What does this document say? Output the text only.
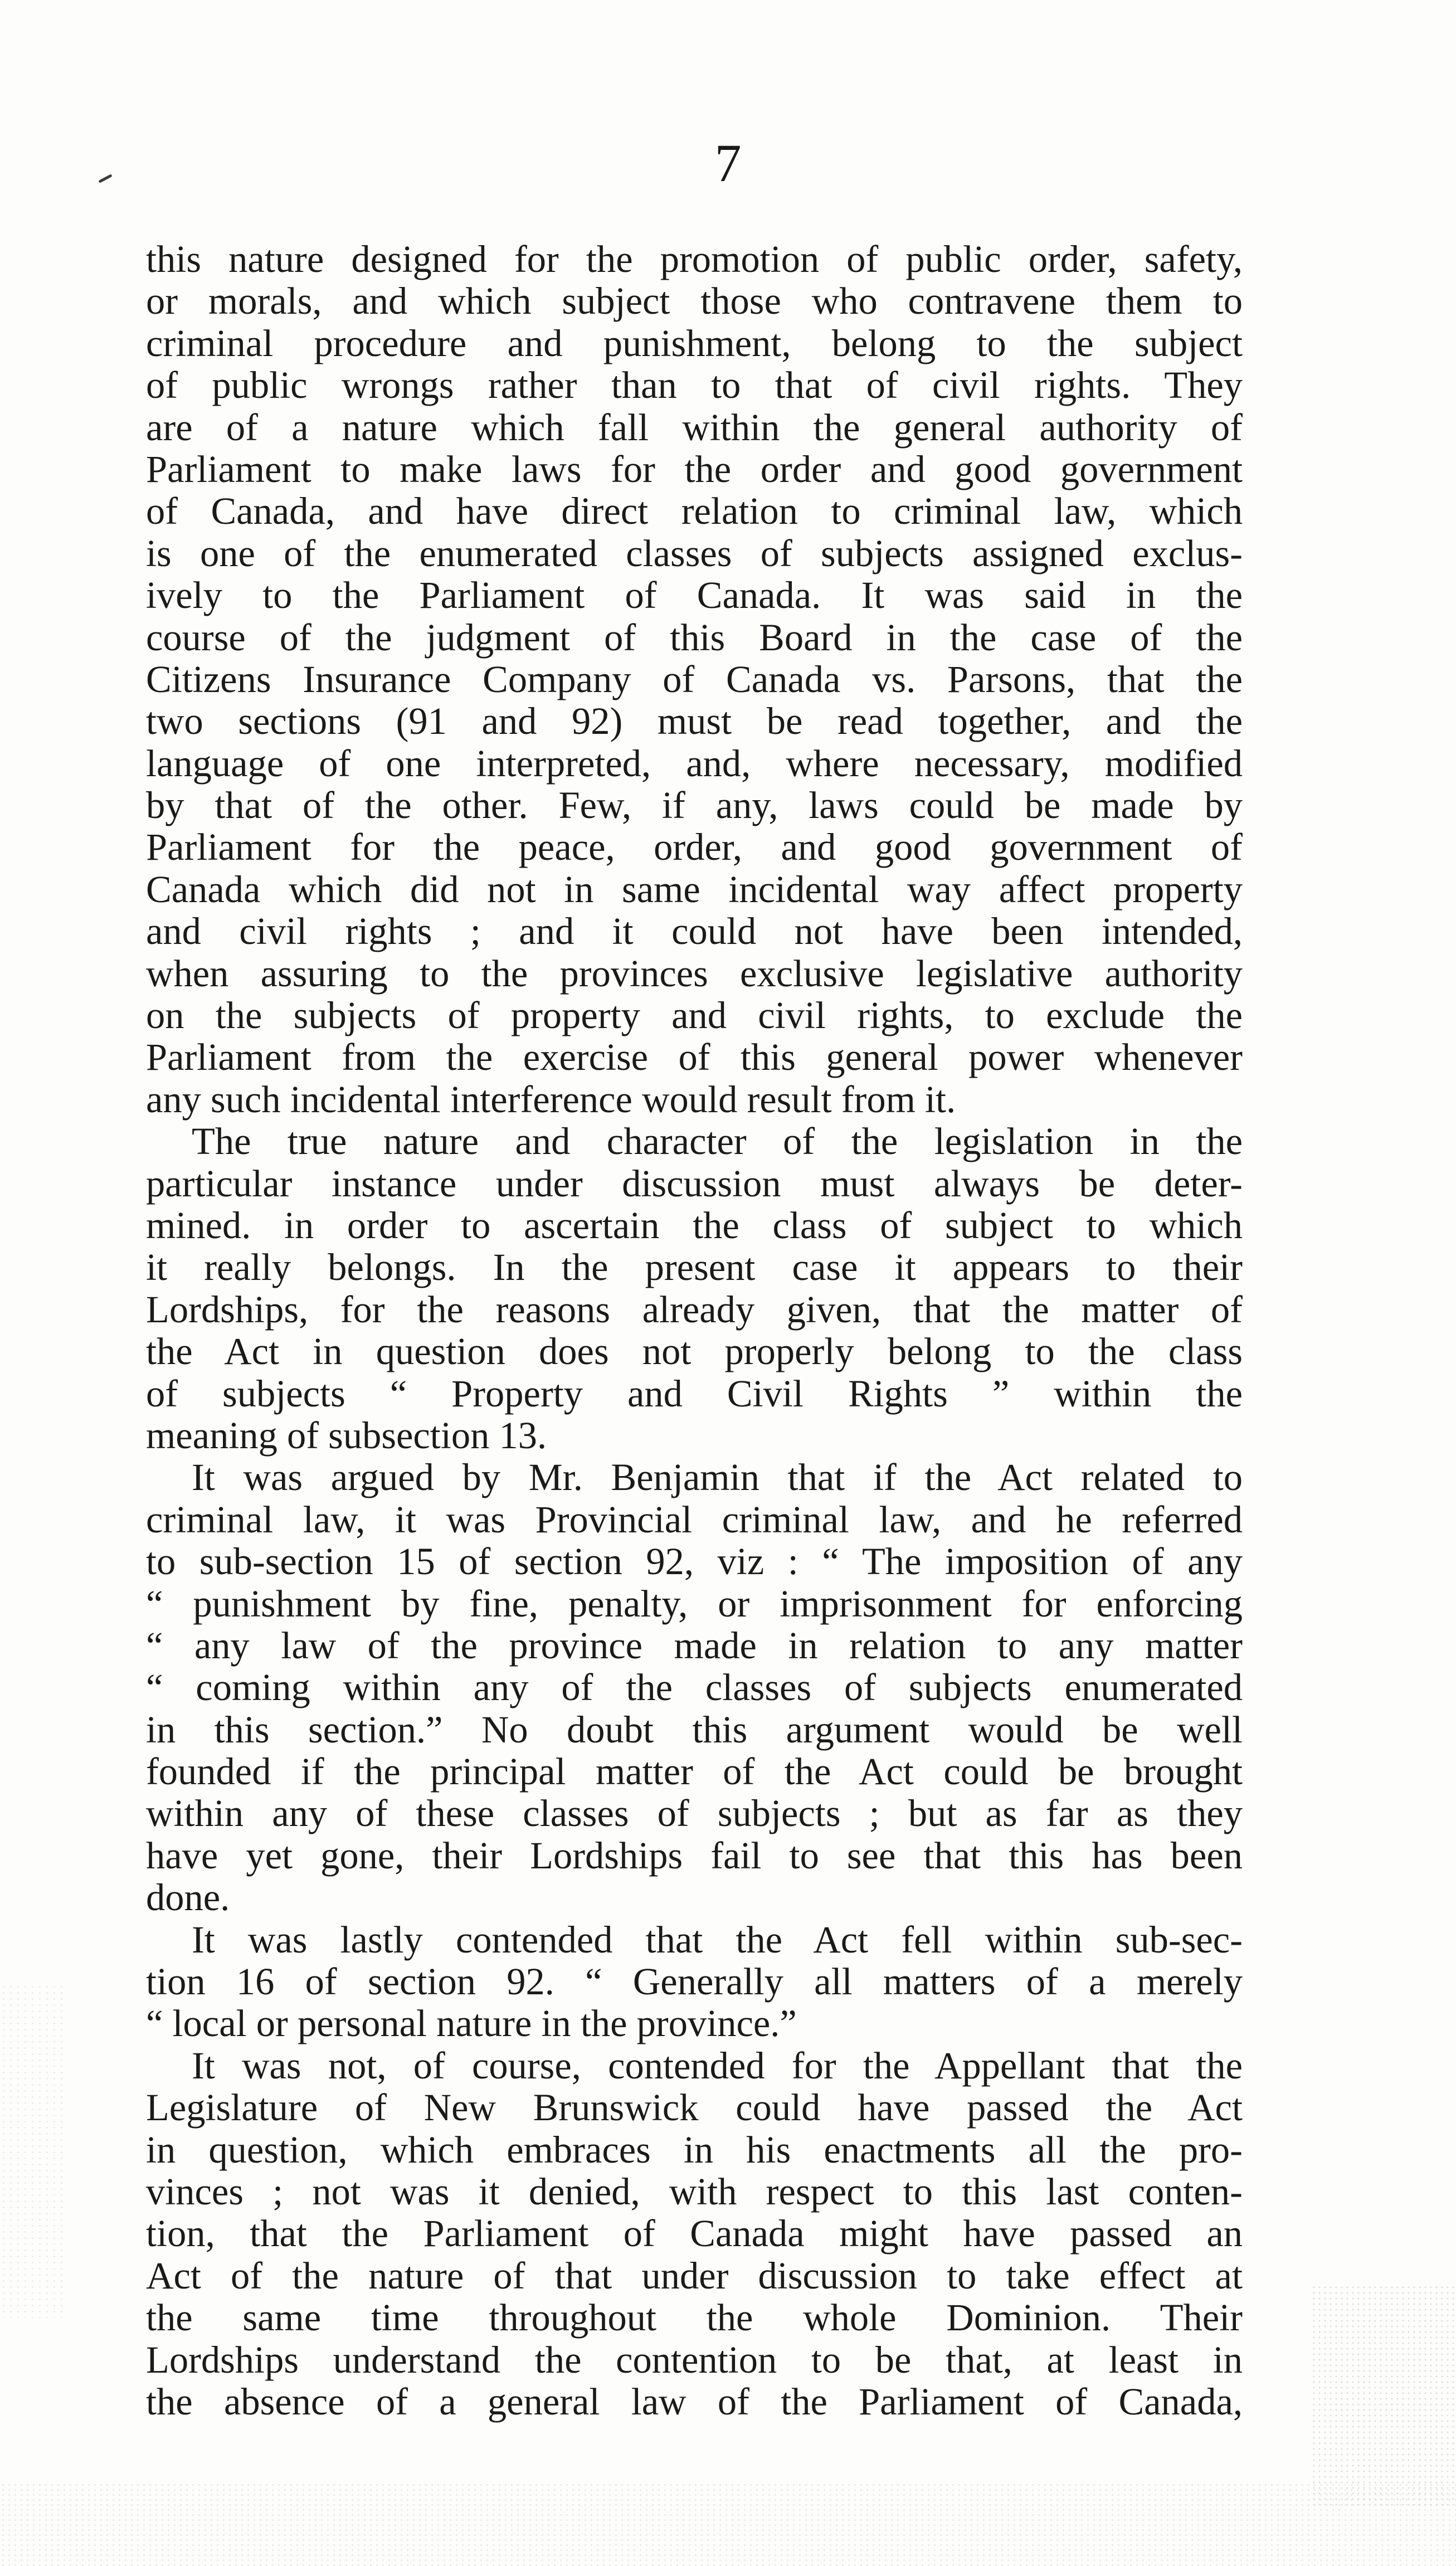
7
this nature designed for the promotion of public order, safety,
or morals, and which subject those who contravene them to
criminal procedure and punishment, belong to the subject
of public wrongs rather than to that of civil rights. They
are of a nature which fall within the general authority of
Parliament to make laws for the order and good government
of Canada, and have direct relation to criminal law, which
is one of the enumerated classes of subjects assigned exclus-
ively to the Parliament of Canada. It was said in the
course of the judgment of this Board in the case of the
Citizens Insurance Company of Canada vs. Parsons, that the
two sections (91 and 92) must be read together, and the
language of one interpreted, and, where necessary, modified
by that of the other. Few, if any, laws could be made by
Parliament for the peace, order, and good government of
Canada which did not in same incidental way affect property
and civil rights ; and it could not have been intended,
when assuring to the provinces exclusive legislative authority
on the subjects of property and civil rights, to exclude the
Parliament from the exercise of this general power whenever
any such incidental interference would result from it.
The true nature and character of the legislation in the
particular instance under discussion must always be deter-
mined. in order to ascertain the class of subject to which
it really belongs. In the present case it appears to their
Lordships, for the reasons already given, that the matter of
the Act in question does not properly belong to the class
of subjects “ Property and Civil Rights ” within the
meaning of subsection 13.
It was argued by Mr. Benjamin that if the Act related to
criminal law, it was Provincial criminal law, and he referred
to sub-section 15 of section 92, viz : “ The imposition of any
“ punishment by fine, penalty, or imprisonment for enforcing
“ any law of the province made in relation to any matter
“ coming within any of the classes of subjects enumerated
in this section.” No doubt this argument would be well
founded if the principal matter of the Act could be brought
within any of these classes of subjects ; but as far as they
have yet gone, their Lordships fail to see that this has been
done.
It was lastly contended that the Act fell within sub-sec-
tion 16 of section 92. “ Generally all matters of a merely
“ local or personal nature in the province.”
It was not, of course, contended for the Appellant that the
Legislature of New Brunswick could have passed the Act
in question, which embraces in his enactments all the pro-
vinces ; not was it denied, with respect to this last conten-
tion, that the Parliament of Canada might have passed an
Act of the nature of that under discussion to take effect at
the same time throughout the whole Dominion. Their
Lordships understand the contention to be that, at least in
the absence of a general law of the Parliament of Canada,
